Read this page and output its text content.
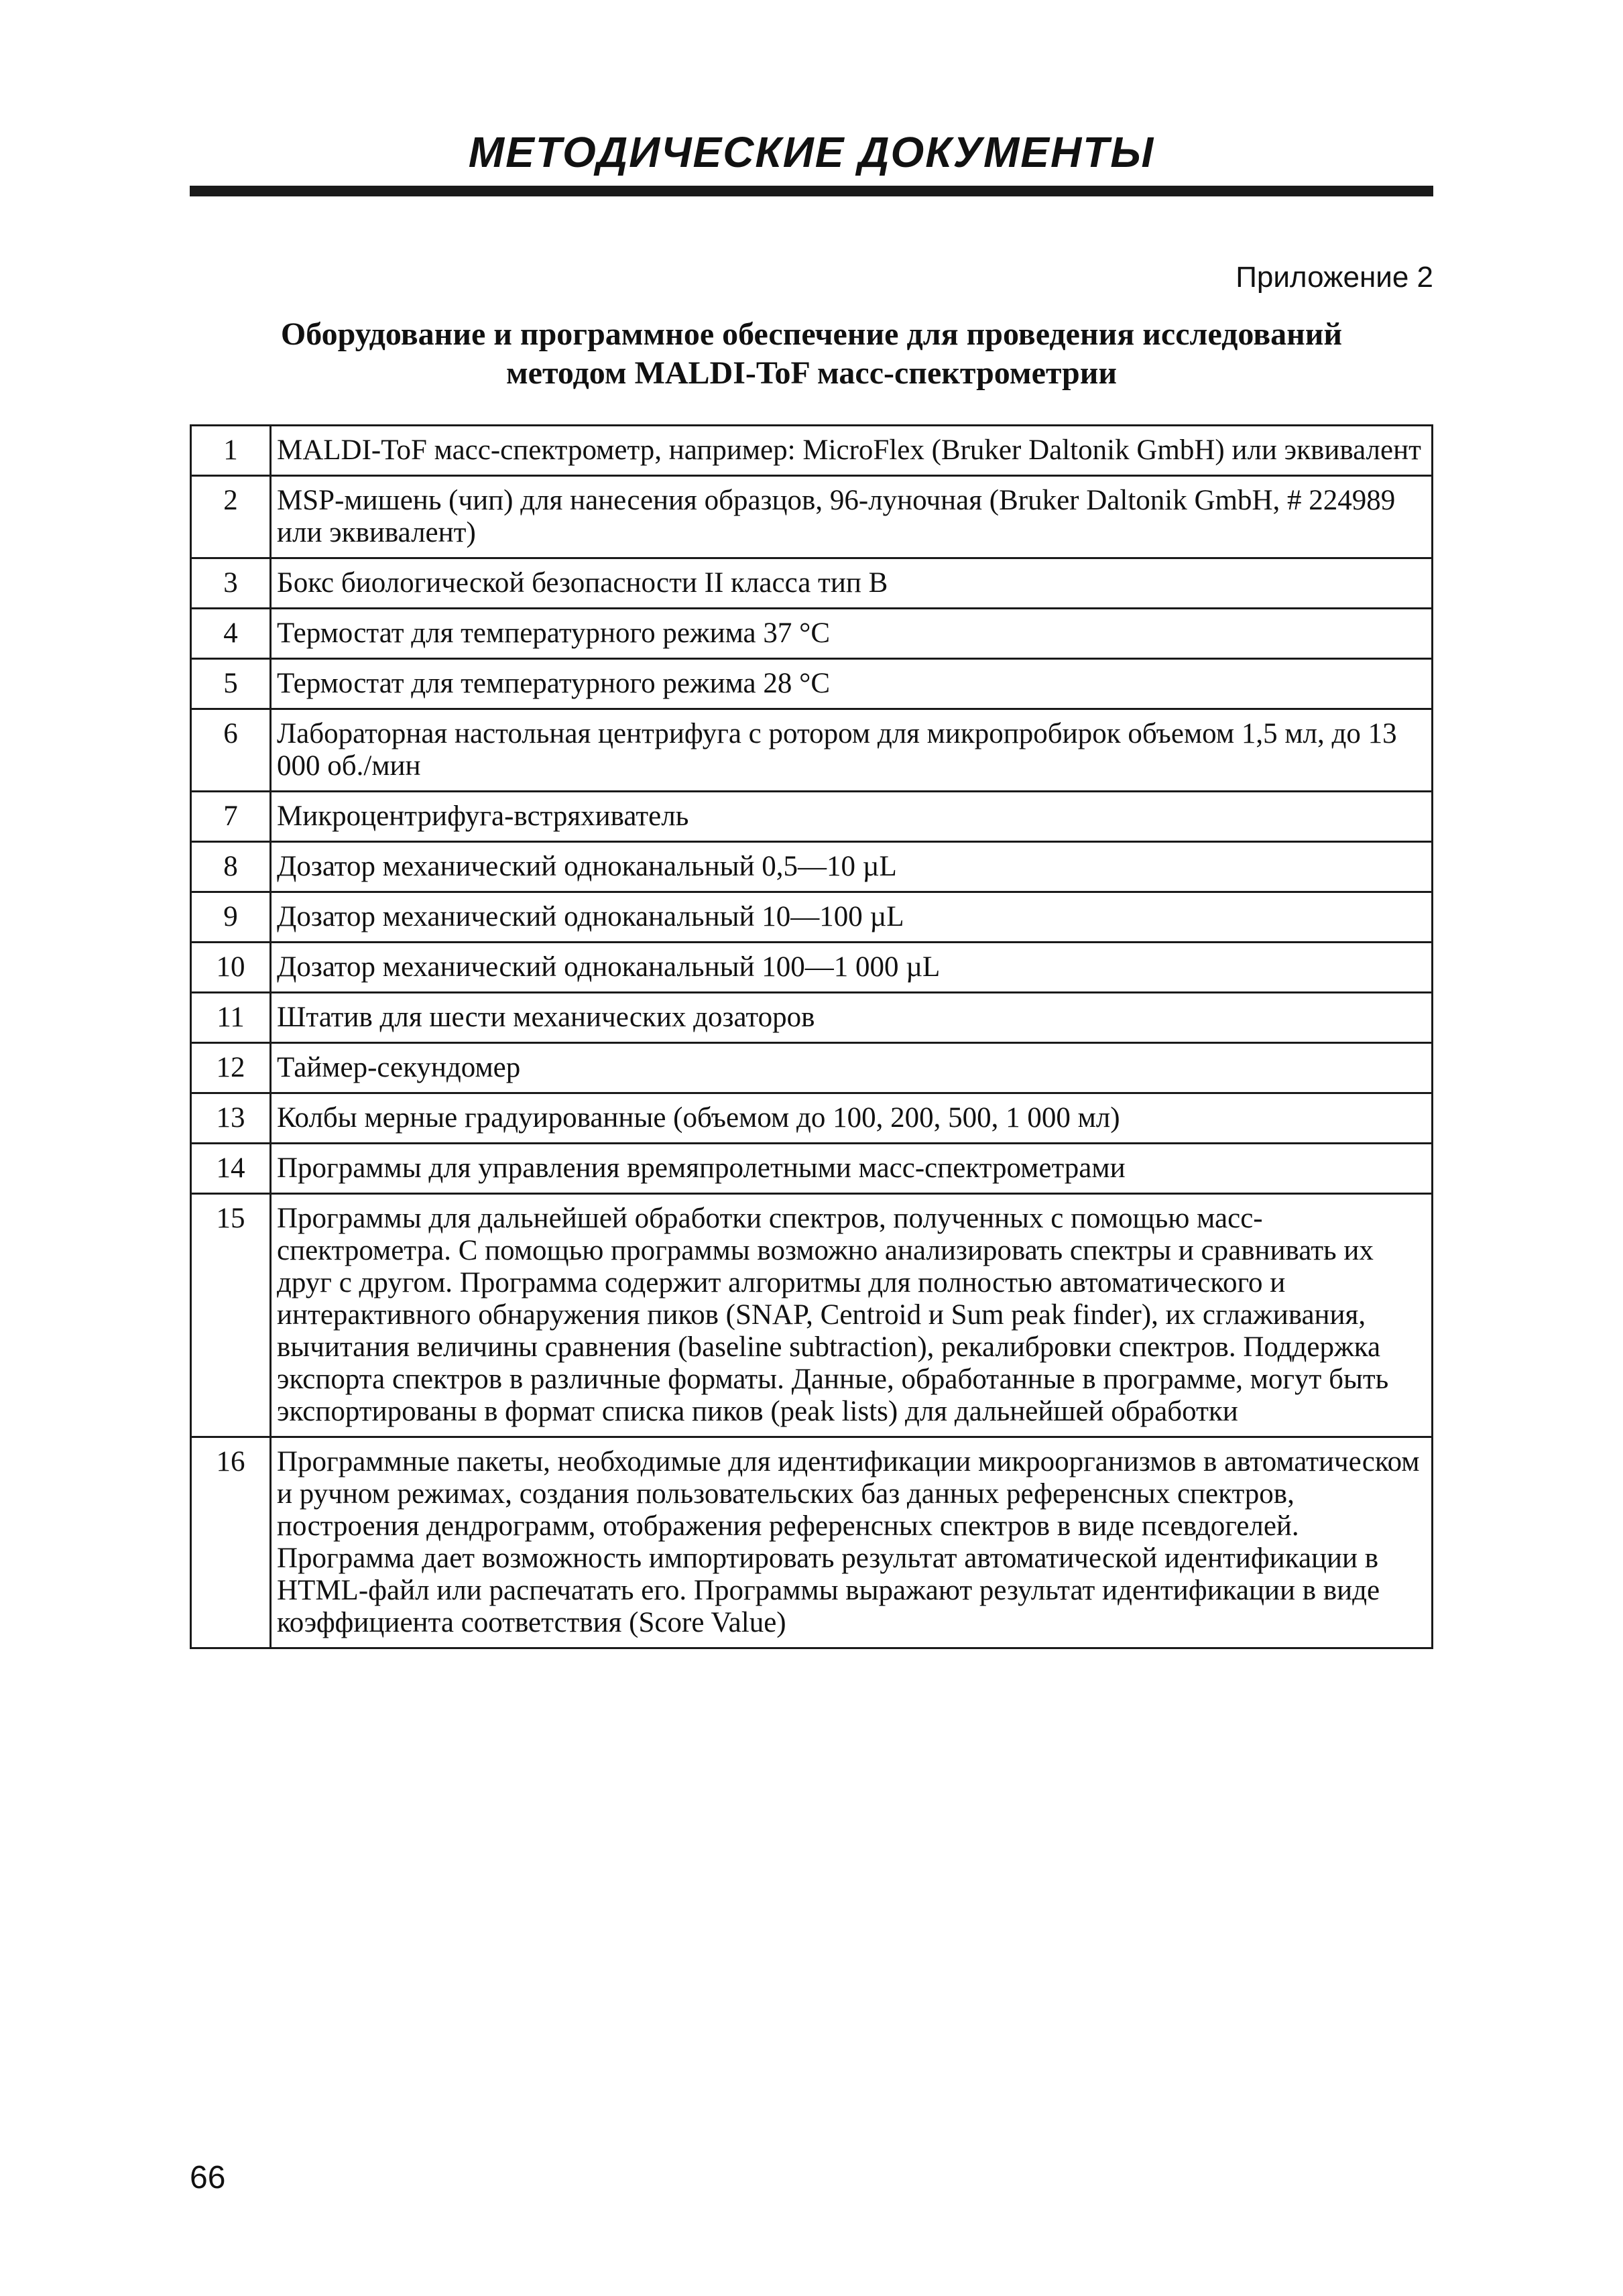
МЕТОДИЧЕСКИЕ ДОКУМЕНТЫ
Приложение 2
Оборудование и программное обеспечение для проведения исследований
методом MALDI-ToF масс-спектрометрии
1	MALDI-ToF масс-спектрометр, например: MicroFlex (Bruker Daltonik GmbH) или эквивалент
2	MSP-мишень (чип) для нанесения образцов, 96-луночная (Bruker Daltonik GmbH, # 224989 или эквивалент)
3	Бокс биологической безопасности II класса тип В
4	Термостат для температурного режима 37 °С
5	Термостат для температурного режима 28 °С
6	Лабораторная настольная центрифуга с ротором для микропробирок объемом 1,5 мл, до 13 000 об./мин
7	Микроцентрифуга-встряхиватель
8	Дозатор механический одноканальный 0,5—10 µL
9	Дозатор механический одноканальный 10—100 µL
10	Дозатор механический одноканальный 100—1 000 µL
11	Штатив для шести механических дозаторов
12	Таймер-секундомер
13	Колбы мерные градуированные (объемом до 100, 200, 500, 1 000 мл)
14	Программы для управления времяпролетными масс-спектрометрами
15	Программы для дальнейшей обработки спектров, полученных с помощью масс-спектрометра. С помощью программы возможно анализировать спектры и сравнивать их друг с другом. Программа содержит алгоритмы для полностью автоматического и интерактивного обнаружения пиков (SNAP, Centroid и Sum peak finder), их сглаживания, вычитания величины сравнения (baseline subtraction), рекалибровки спектров. Поддержка экспорта спектров в различные форматы. Данные, обработанные в программе, могут быть экспортированы в формат списка пиков (peak lists) для дальнейшей обработки
16	Программные пакеты, необходимые для идентификации микроорганизмов в автоматическом и ручном режимах, создания пользовательских баз данных референсных спектров, построения дендрограмм, отображения референсных спектров в виде псевдогелей. Программа дает возможность импортировать результат автоматической идентификации в HTML-файл или распечатать его. Программы выражают результат идентификации в виде коэффициента соответствия (Score Value)
66
